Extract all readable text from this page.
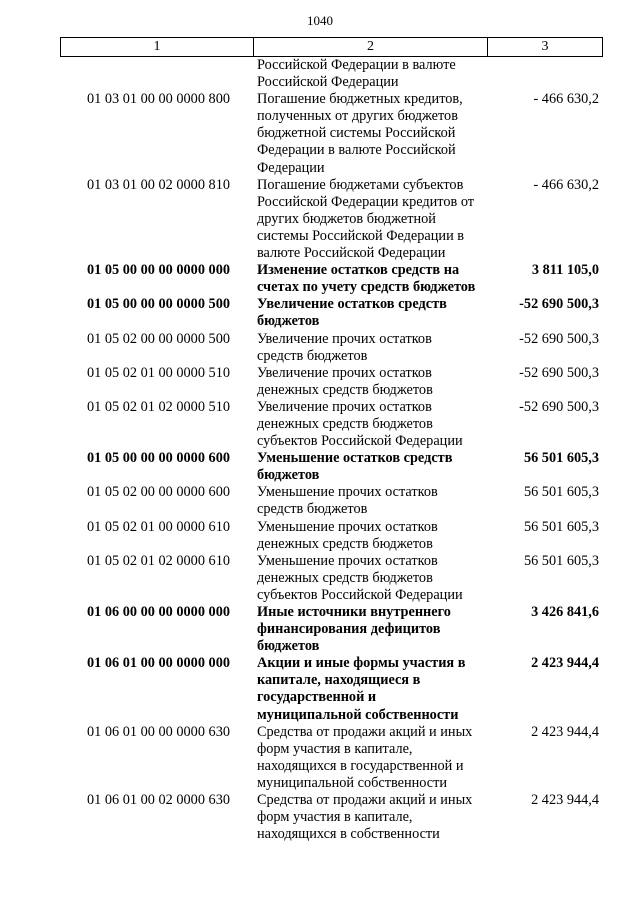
1040
1	2	3
Российской Федерации в валюте
Российской Федерации
01 03 01 00 00 0000 800	Погашение бюджетных кредитов,
полученных от других бюджетов
бюджетной системы Российской
Федерации в валюте Российской
Федерации
- 466 630,2
01 03 01 00 02 0000 810	Погашение бюджетами субъектов
Российской Федерации кредитов от
других бюджетов бюджетной
системы Российской Федерации в
валюте Российской Федерации
- 466 630,2
01 05 00 00 00 0000 000	Изменение остатков средств на
счетах по учету средств бюджетов
3 811 105,0
01 05 00 00 00 0000 500	Увеличение остатков средств
бюджетов
-52 690 500,3
01 05 02 00 00 0000 500	Увеличение прочих остатков
средств бюджетов
-52 690 500,3
01 05 02 01 00 0000 510	Увеличение прочих остатков
денежных средств бюджетов
-52 690 500,3
01 05 02 01 02 0000 510	Увеличение прочих остатков
денежных средств бюджетов
субъектов Российской Федерации
-52 690 500,3
01 05 00 00 00 0000 600	Уменьшение остатков средств
бюджетов
56 501 605,3
01 05 02 00 00 0000 600	Уменьшение прочих остатков
средств бюджетов
56 501 605,3
01 05 02 01 00 0000 610	Уменьшение прочих остатков
денежных средств бюджетов
56 501 605,3
01 05 02 01 02 0000 610	Уменьшение прочих остатков
денежных средств бюджетов
субъектов Российской Федерации
56 501 605,3
01 06 00 00 00 0000 000	Иные источники внутреннего
финансирования дефицитов
бюджетов
3 426 841,6
01 06 01 00 00 0000 000	Акции и иные формы участия в
капитале, находящиеся в
государственной и
муниципальной собственности
2 423 944,4
01 06 01 00 00 0000 630	Средства от продажи акций и иных
форм участия в капитале,
находящихся в государственной и
муниципальной собственности
2 423 944,4
01 06 01 00 02 0000 630	Средства от продажи акций и иных
форм участия в капитале,
находящихся в собственности
2 423 944,4
